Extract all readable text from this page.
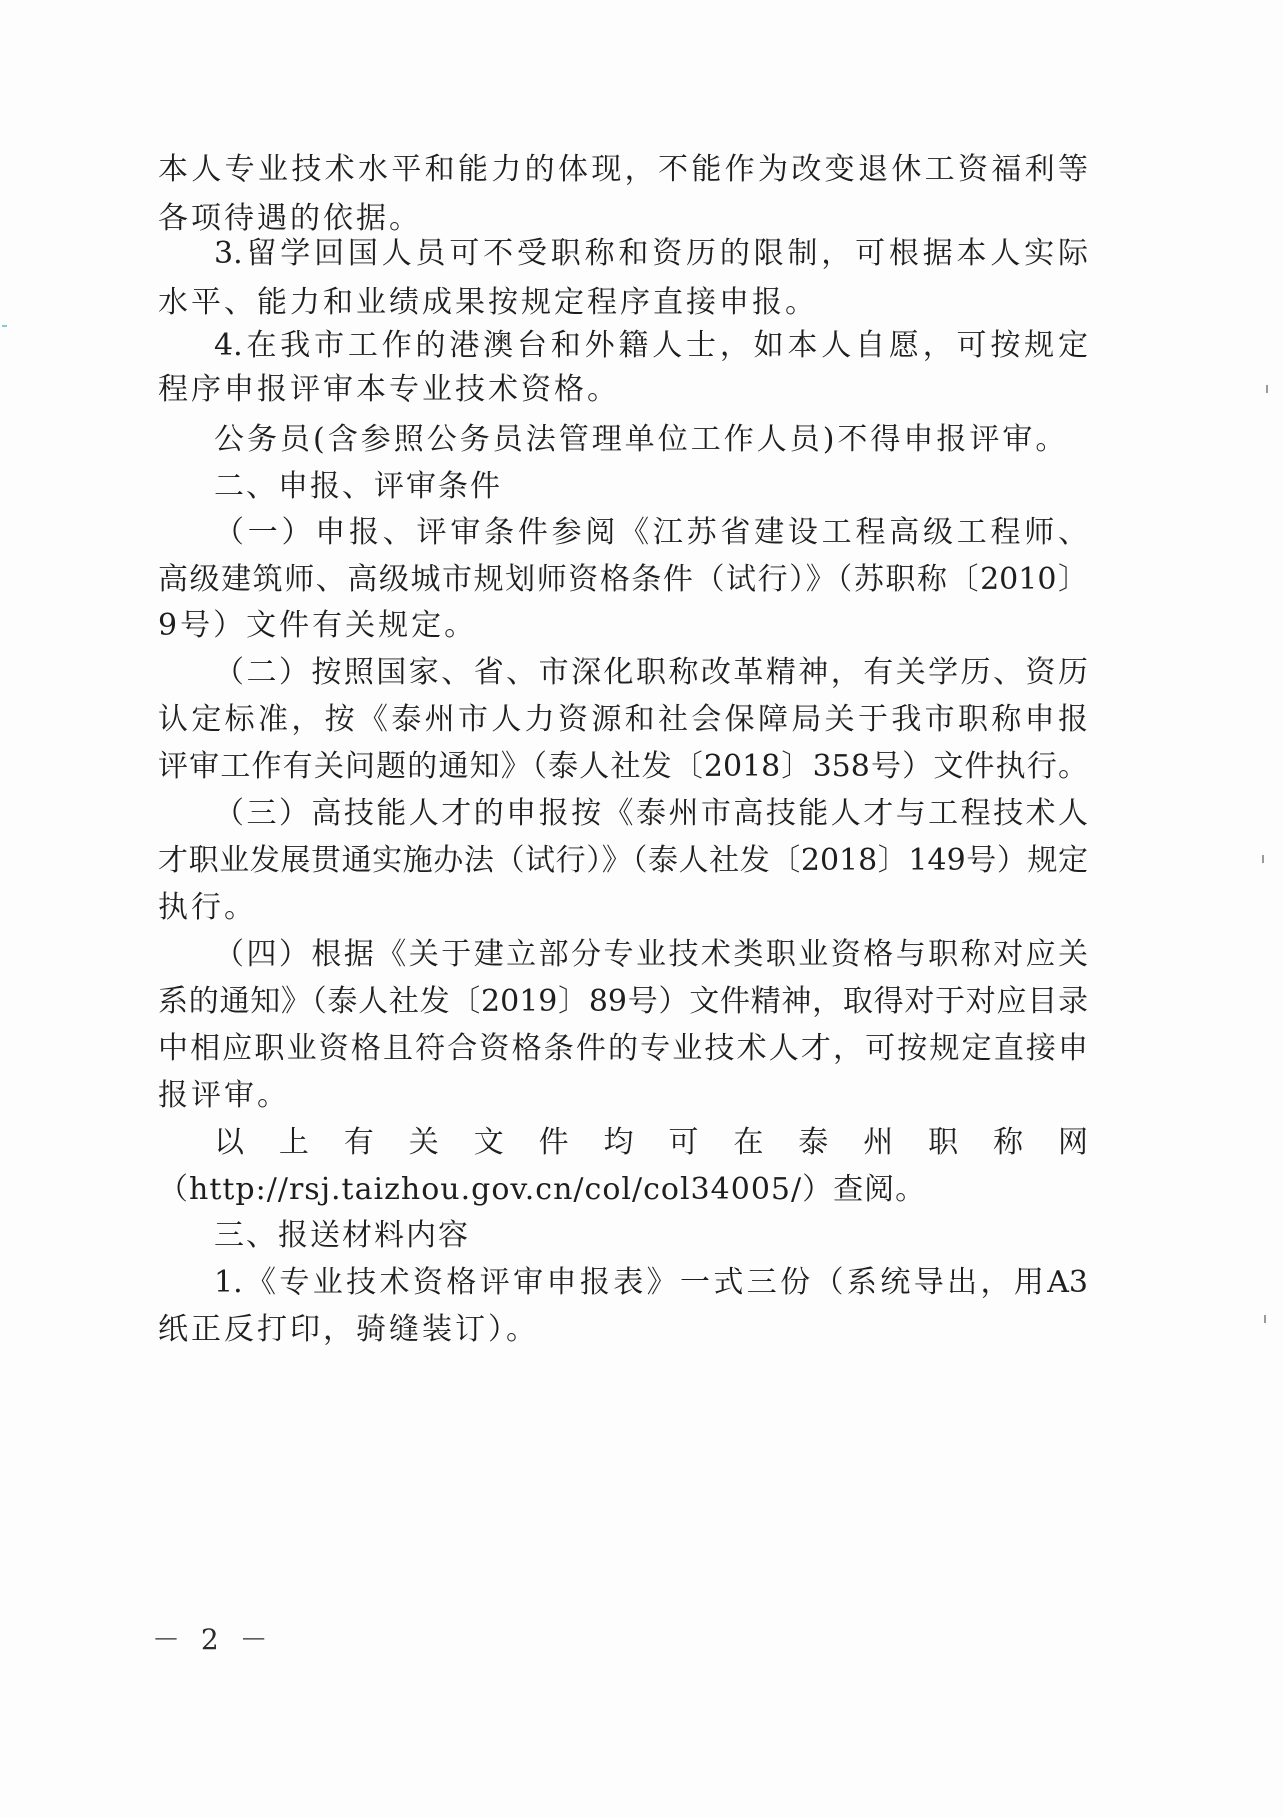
本人专业技术水平和能力的体现，不能作为改变退休工资福利等
各项待遇的依据。
3.留学回国人员可不受职称和资历的限制，可根据本人实际
水平、能力和业绩成果按规定程序直接申报。
4.在我市工作的港澳台和外籍人士，如本人自愿，可按规定
程序申报评审本专业技术资格。
公务员(含参照公务员法管理单位工作人员)不得申报评审。
二、申报、评审条件
（一）申报、评审条件参阅《江苏省建设工程高级工程师、
高级建筑师、高级城市规划师资格条件（试行）》（苏职称〔2010〕
9号）文件有关规定。
（二）按照国家、省、市深化职称改革精神，有关学历、资历
认定标准，按《泰州市人力资源和社会保障局关于我市职称申报
评审工作有关问题的通知》（泰人社发〔2018〕358号）文件执行。
（三）高技能人才的申报按《泰州市高技能人才与工程技术人
才职业发展贯通实施办法（试行）》（泰人社发〔2018〕149号）规定
执行。
（四）根据《关于建立部分专业技术类职业资格与职称对应关
系的通知》（泰人社发〔2019〕89号）文件精神，取得对于对应目录
中相应职业资格且符合资格条件的专业技术人才，可按规定直接申
报评审。
以上有关文件均可在泰州职称网
（http://rsj.taizhou.gov.cn/col/col34005/）查阅。
三、报送材料内容
1.《专业技术资格评审申报表》一式三份（系统导出，用A3
纸正反打印，骑缝装订）。
－ 2 －
